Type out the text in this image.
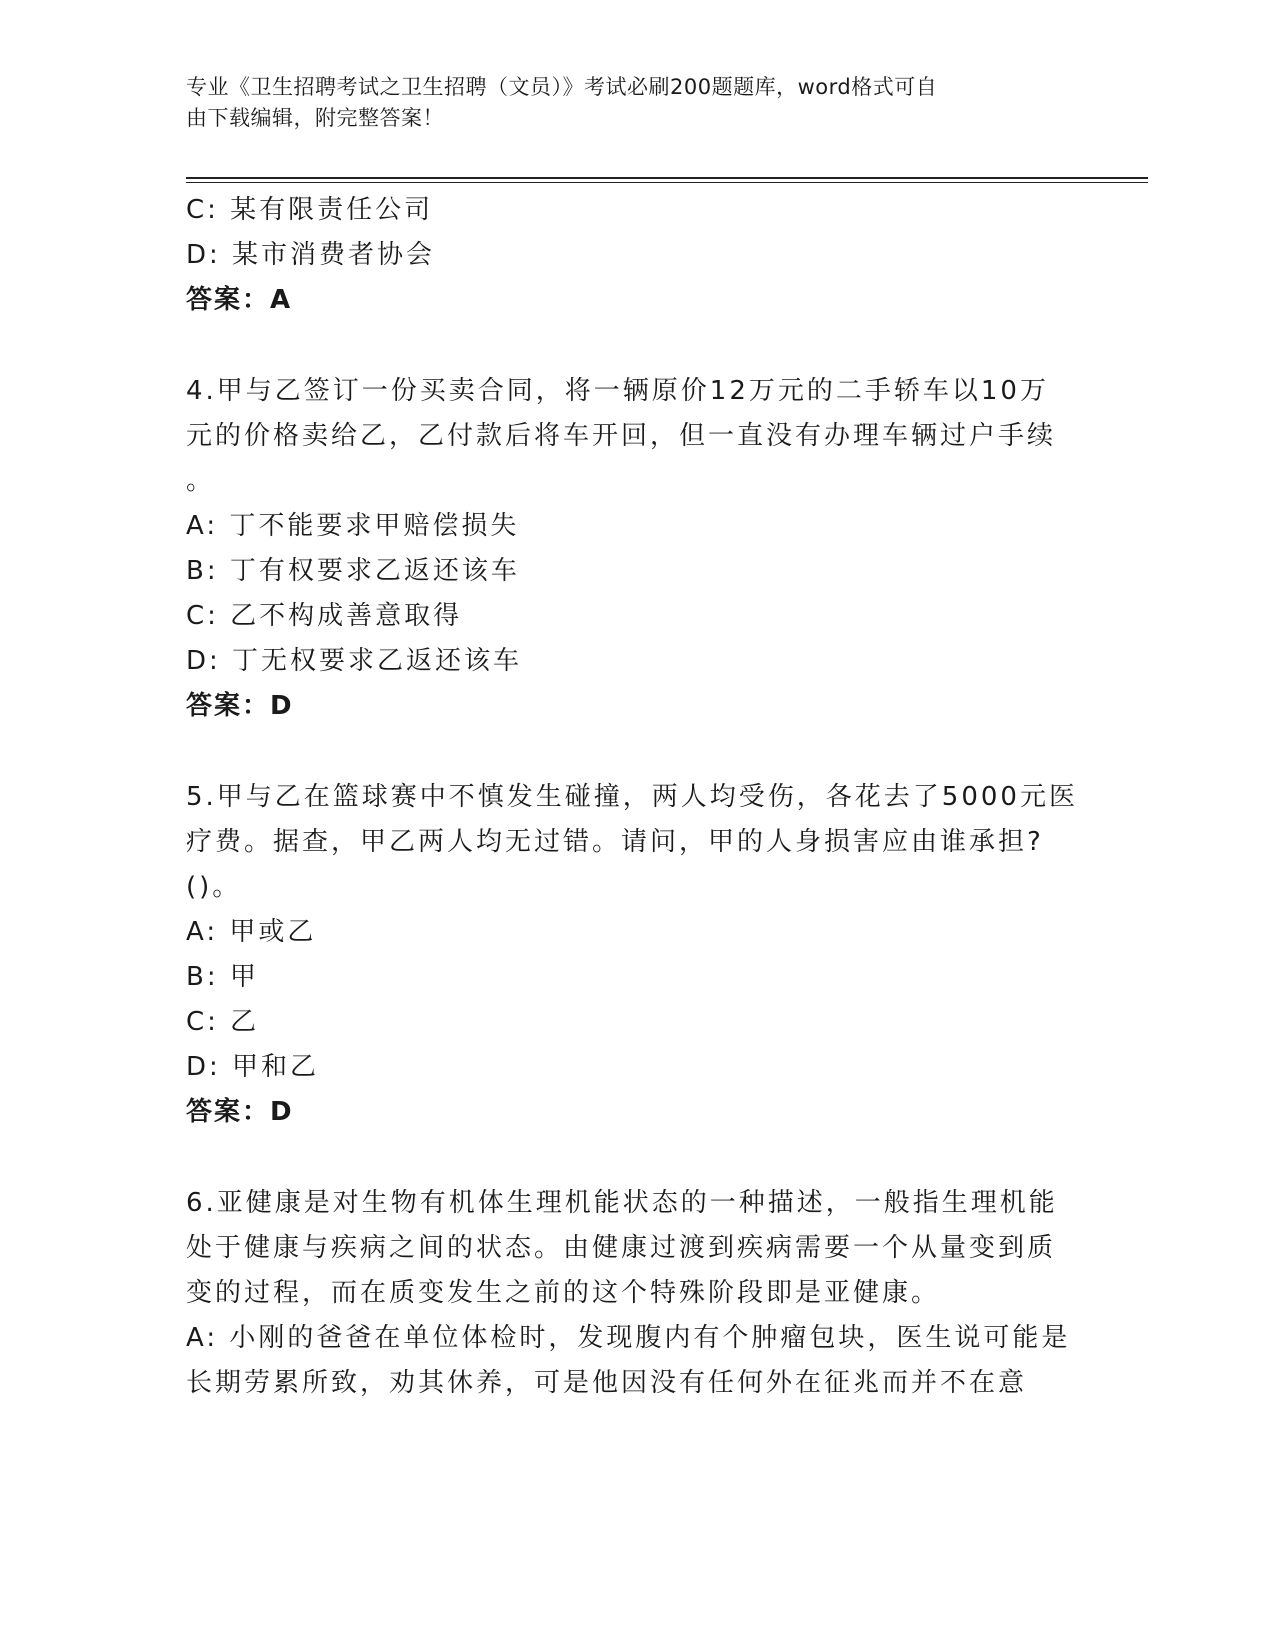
专业《卫生招聘考试之卫生招聘（文员）》考试必刷200题题库，word格式可自
由下载编辑，附完整答案！
C: 某有限责任公司
D: 某市消费者协会
答案：A
4.甲与乙签订一份买卖合同，将一辆原价12万元的二手轿车以10万
元的价格卖给乙，乙付款后将车开回，但一直没有办理车辆过户手续
。
A: 丁不能要求甲赔偿损失
B: 丁有权要求乙返还该车
C: 乙不构成善意取得
D: 丁无权要求乙返还该车
答案：D
5.甲与乙在篮球赛中不慎发生碰撞，两人均受伤，各花去了5000元医
疗费。据查，甲乙两人均无过错。请问，甲的人身损害应由谁承担?
()。
A: 甲或乙
B: 甲
C: 乙
D: 甲和乙
答案：D
6.亚健康是对生物有机体生理机能状态的一种描述，一般指生理机能
处于健康与疾病之间的状态。由健康过渡到疾病需要一个从量变到质
变的过程，而在质变发生之前的这个特殊阶段即是亚健康。
A: 小刚的爸爸在单位体检时，发现腹内有个肿瘤包块，医生说可能是
长期劳累所致，劝其休养，可是他因没有任何外在征兆而并不在意
